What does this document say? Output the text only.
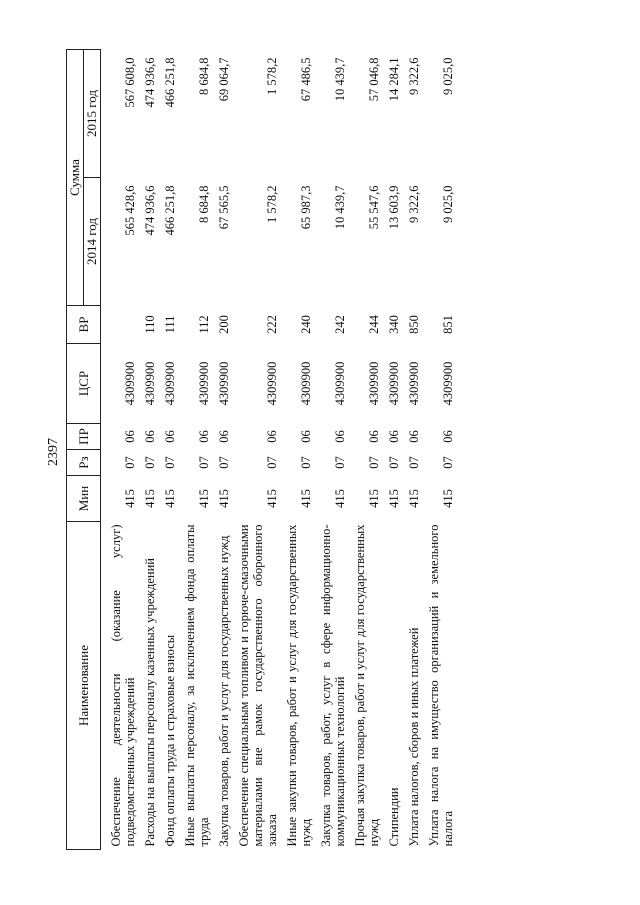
2397
Наименование	Мин	Рз	ПР	ЦСР	ВР	Сумма	
						2014 год	2015 год
Обеспечение деятельности (оказание услуг) подведомственных учреждений	415	07	06	4309900		565 428,6	567 608,0
Расходы на выплаты персоналу казенных учреждений	415	07	06	4309900	110	474 936,6	474 936,6
Фонд оплаты труда и страховые взносы	415	07	06	4309900	111	466 251,8	466 251,8
Иные выплаты персоналу, за исключением фонда оплаты труда	415	07	06	4309900	112	8 684,8	8 684,8
Закупка товаров, работ и услуг для государственных нужд	415	07	06	4309900	200	67 565,5	69 064,7
Обеспечение специальным топливом и горюче-смазочными материалами вне рамок государственного оборонного заказа	415	07	06	4309900	222	1 578,2	1 578,2
Иные закупки товаров, работ и услуг для государственных нужд	415	07	06	4309900	240	65 987,3	67 486,5
Закупка товаров, работ, услуг в сфере информационно-коммуникационных технологий	415	07	06	4309900	242	10 439,7	10 439,7
Прочая закупка товаров, работ и услуг для государственных нужд	415	07	06	4309900	244	55 547,6	57 046,8
Стипендии	415	07	06	4309900	340	13 603,9	14 284,1
Уплата налогов, сборов и иных платежей	415	07	06	4309900	850	9 322,6	9 322,6
Уплата налога на имущество организаций и земельного налога	415	07	06	4309900	851	9 025,0	9 025,0
